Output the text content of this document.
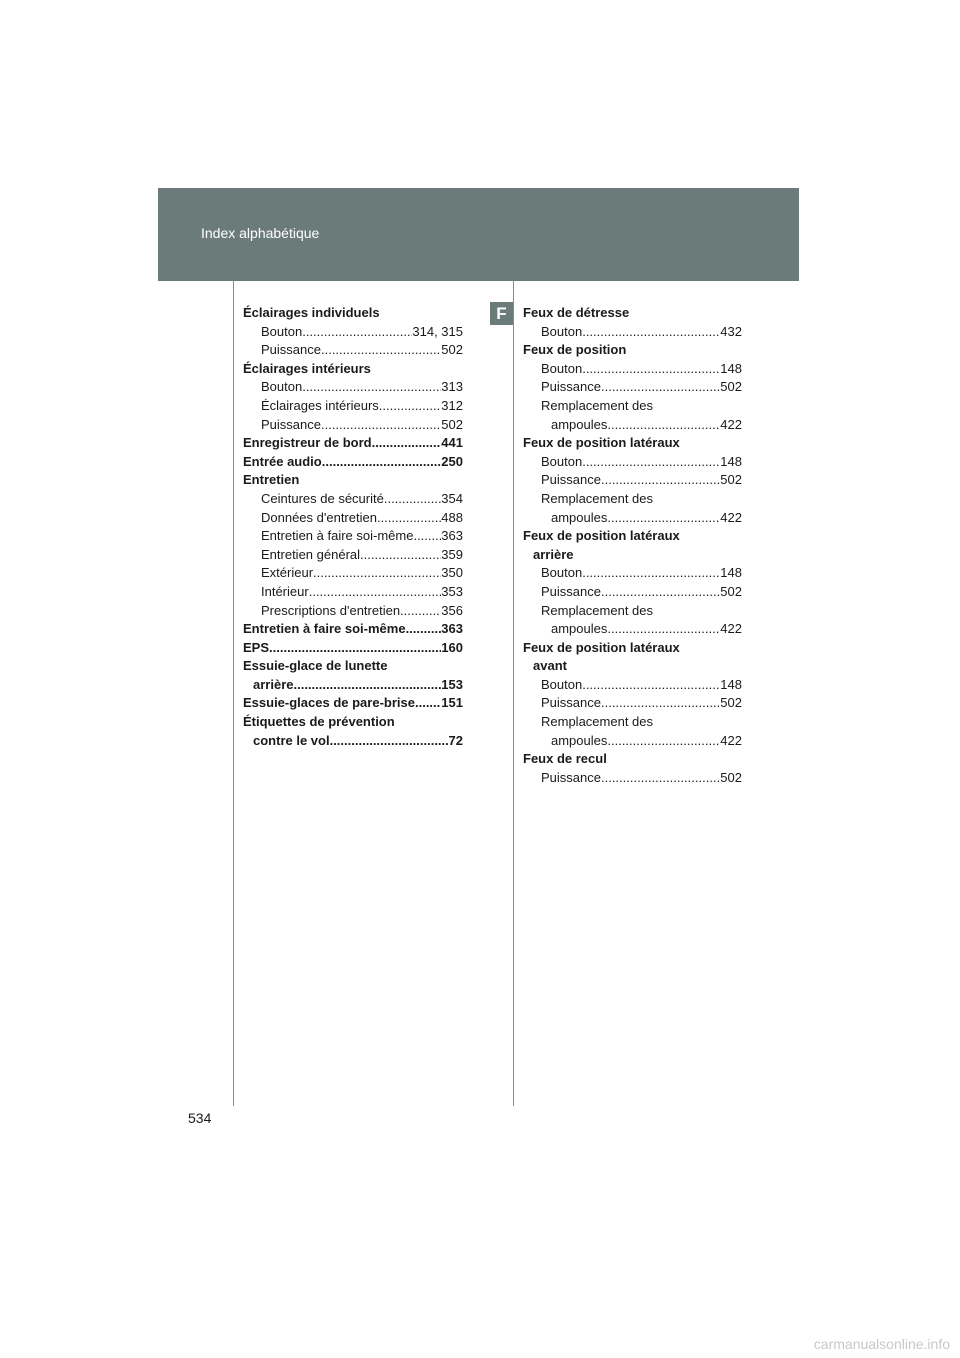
Index alphabétique
F
Éclairages individuels
Bouton .....	314, 315
Puissance .....	502
Éclairages intérieurs
Bouton .....	313
Éclairages intérieurs .....	312
Puissance .....	502
Enregistreur de bord .....	441
Entrée audio .....	250
Entretien
Ceintures de sécurité .....	354
Données d'entretien .....	488
Entretien à faire soi-même ..... 363
Entretien général .....	359
Extérieur .....	350
Intérieur .....	353
Prescriptions d'entretien .....	356
Entretien à faire soi-même .....	363
EPS .....	160
Essuie-glace de lunette
arrière .....	153
Essuie-glaces de pare-brise ..... 151
Étiquettes de prévention
contre le vol .....	72
Feux de détresse
Bouton .....	432
Feux de position
Bouton .....	148
Puissance .....	502
Remplacement des
ampoules .....	422
Feux de position latéraux
Bouton .....	148
Puissance .....	502
Remplacement des
ampoules .....	422
Feux de position latéraux
arrière
Bouton .....	148
Puissance .....	502
Remplacement des
ampoules .....	422
Feux de position latéraux
avant
Bouton .....	148
Puissance .....	502
Remplacement des
ampoules .....	422
Feux de recul
Puissance .....	502
534
carmanualsonline.info
